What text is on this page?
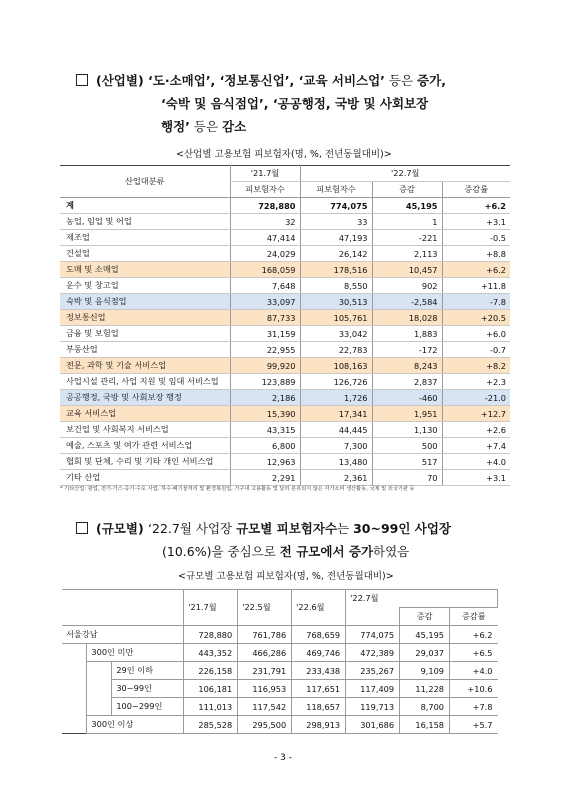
(산업별) ‘도·소매업’, ‘정보통신업’, ‘교육 서비스업’ 등은 증가,
‘숙박 및 음식점업’, ‘공공행정, 국방 및 사회보장
행정’ 등은 감소
<산업별 고용보험 피보험자(명, %, 전년동월대비)>
산업대분류	'21.7월	'22.7월		
	피보험자수	피보험자수	증감	증감률
계	728,880	774,075	45,195	+6.2
농업, 임업 및 어업	32	33	1	+3.1
제조업	47,414	47,193	-221	-0.5
건설업	24,029	26,142	2,113	+8.8
도매 및 소매업	168,059	178,516	10,457	+6.2
운수 및 창고업	7,648	8,550	902	+11.8
숙박 및 음식점업	33,097	30,513	-2,584	-7.8
정보통신업	87,733	105,761	18,028	+20.5
금융 및 보험업	31,159	33,042	1,883	+6.0
부동산업	22,955	22,783	-172	-0.7
전문, 과학 및 기술 서비스업	99,920	108,163	8,243	+8.2
사업시설 관리, 사업 지원 및 임대 서비스업	123,889	126,726	2,837	+2.3
공공행정, 국방 및 사회보장 행정	2,186	1,726	-460	-21.0
교육 서비스업	15,390	17,341	1,951	+12.7
보건업 및 사회복지 서비스업	43,315	44,445	1,130	+2.6
예술, 스포츠 및 여가 관련 서비스업	6,800	7,300	500	+7.4
협회 및 단체, 수리 및 기타 개인 서비스업	12,963	13,480	517	+4.0
기타 산업	2,291	2,361	70	+3.1
* 기타산업: 광업, 전기·가스·증기·수도 사업, 하수·폐기물처리 및 환경복원업, 가구내 고용활동 및 달리 분류되지 않은 자가소비 생산활동, 국제 및 외국기관 등
(규모별) ‘22.7월 사업장 규모별 피보험자수는 30~99인 사업장
(10.6%)을 중심으로 전 규모에서 증가하였음
<규모별 고용보험 피보험자(명, %, 전년동월대비)>
			'21.7월	'22.5월	'22.6월	'22.7월		
							증감	증감률
서울강남			728,880	761,786	768,659	774,075	45,195	+6.2
	300인 미만		443,352	466,286	469,746	472,389	29,037	+6.5
		29인 이하	226,158	231,791	233,438	235,267	9,109	+4.0
		30~99인	106,181	116,953	117,651	117,409	11,228	+10.6
		100~299인	111,013	117,542	118,657	119,713	8,700	+7.8
	300인 이상		285,528	295,500	298,913	301,686	16,158	+5.7
- 3 -
